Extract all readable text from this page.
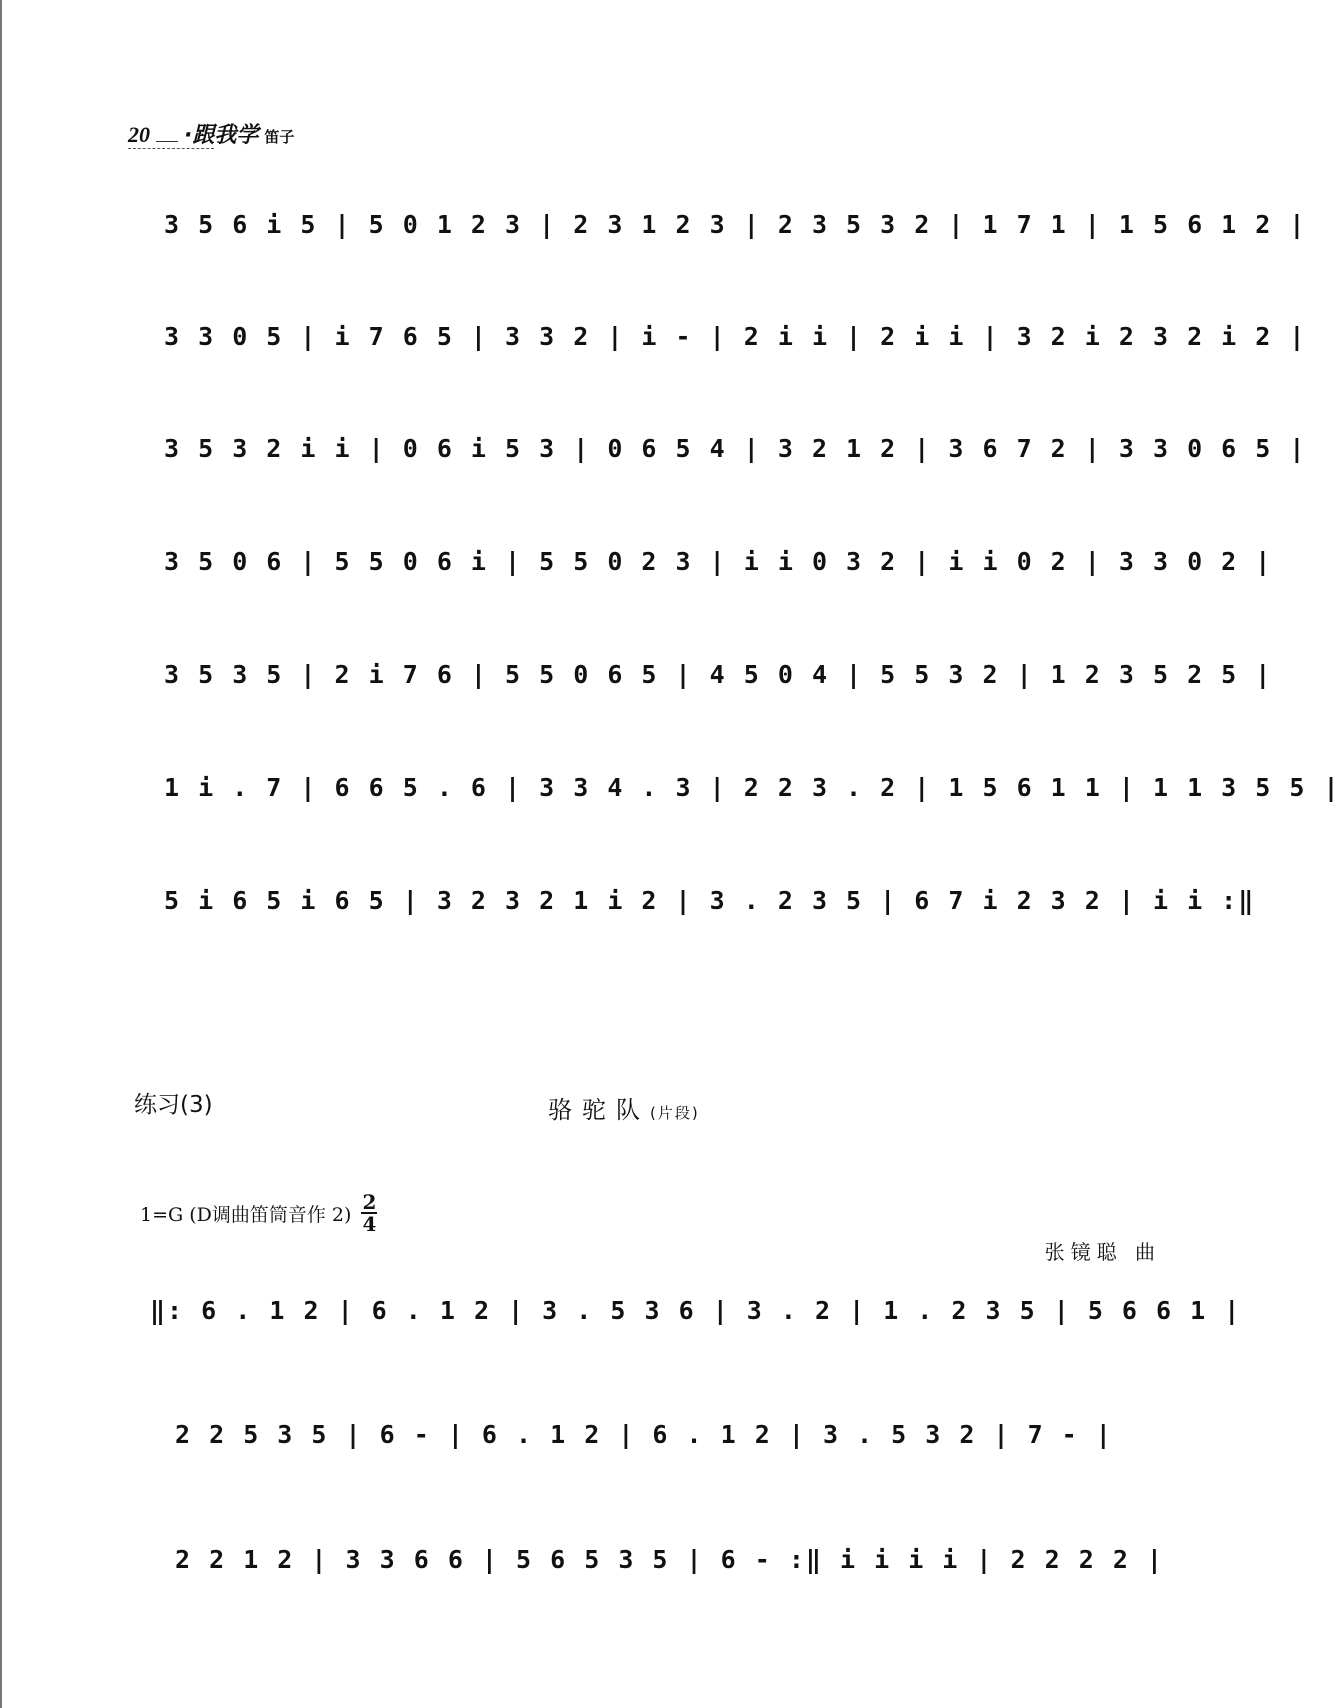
20 ·跟我学 笛子
3 5 6 i 5 | 5 0 1 2 3 | 2 3 1 2 3 | 2 3 5 3 2 | 1 7 1 | 1 5 6 1 2 |
3 3 0 5 | i 7 6 5 | 3 3 2 | i - | 2 i i | 2 i i | 3 2 i 2 3 2 i 2 |
3 5 3 2 i i | 0 6 i 5 3 | 0 6 5 4 | 3 2 1 2 | 3 6 7 2 | 3 3 0 6 5 |
3 5 0 6 | 5 5 0 6 i | 5 5 0 2 3 | i i 0 3 2 | i i 0 2 | 3 3 0 2 |
3 5 3 5 | 2 i 7 6 | 5 5 0 6 5 | 4 5 0 4 | 5 5 3 2 | 1 2 3 5 2 5 |
1 i . 7 | 6 6 5 . 6 | 3 3 4 . 3 | 2 2 3 . 2 | 1 5 6 1 1 | 1 1 3 5 5 |
5 i 6 5 i 6 5 | 3 2 3 2 1 i 2 | 3 . 2 3 5 | 6 7 i 2 3 2 | i i :‖
练习(3)	骆驼队(片段)
1=G (D调曲笛筒音作 $2) \frac{2}{4}$
张镜聪 曲
‖: 6 . 1 2 | 6 . 1 2 | 3 . 5 3 6 | 3 . 2 | 1 . 2 3 5 | 5 6 6 1 |
2 2 5 3 5 | 6 - | 6 . 1 2 | 6 . 1 2 | 3 . 5 3 2 | 7 - |
2 2 1 2 | 3 3 6 6 | 5 6 5 3 5 | 6 - :‖ i i i i | 2 2 2 2 |
